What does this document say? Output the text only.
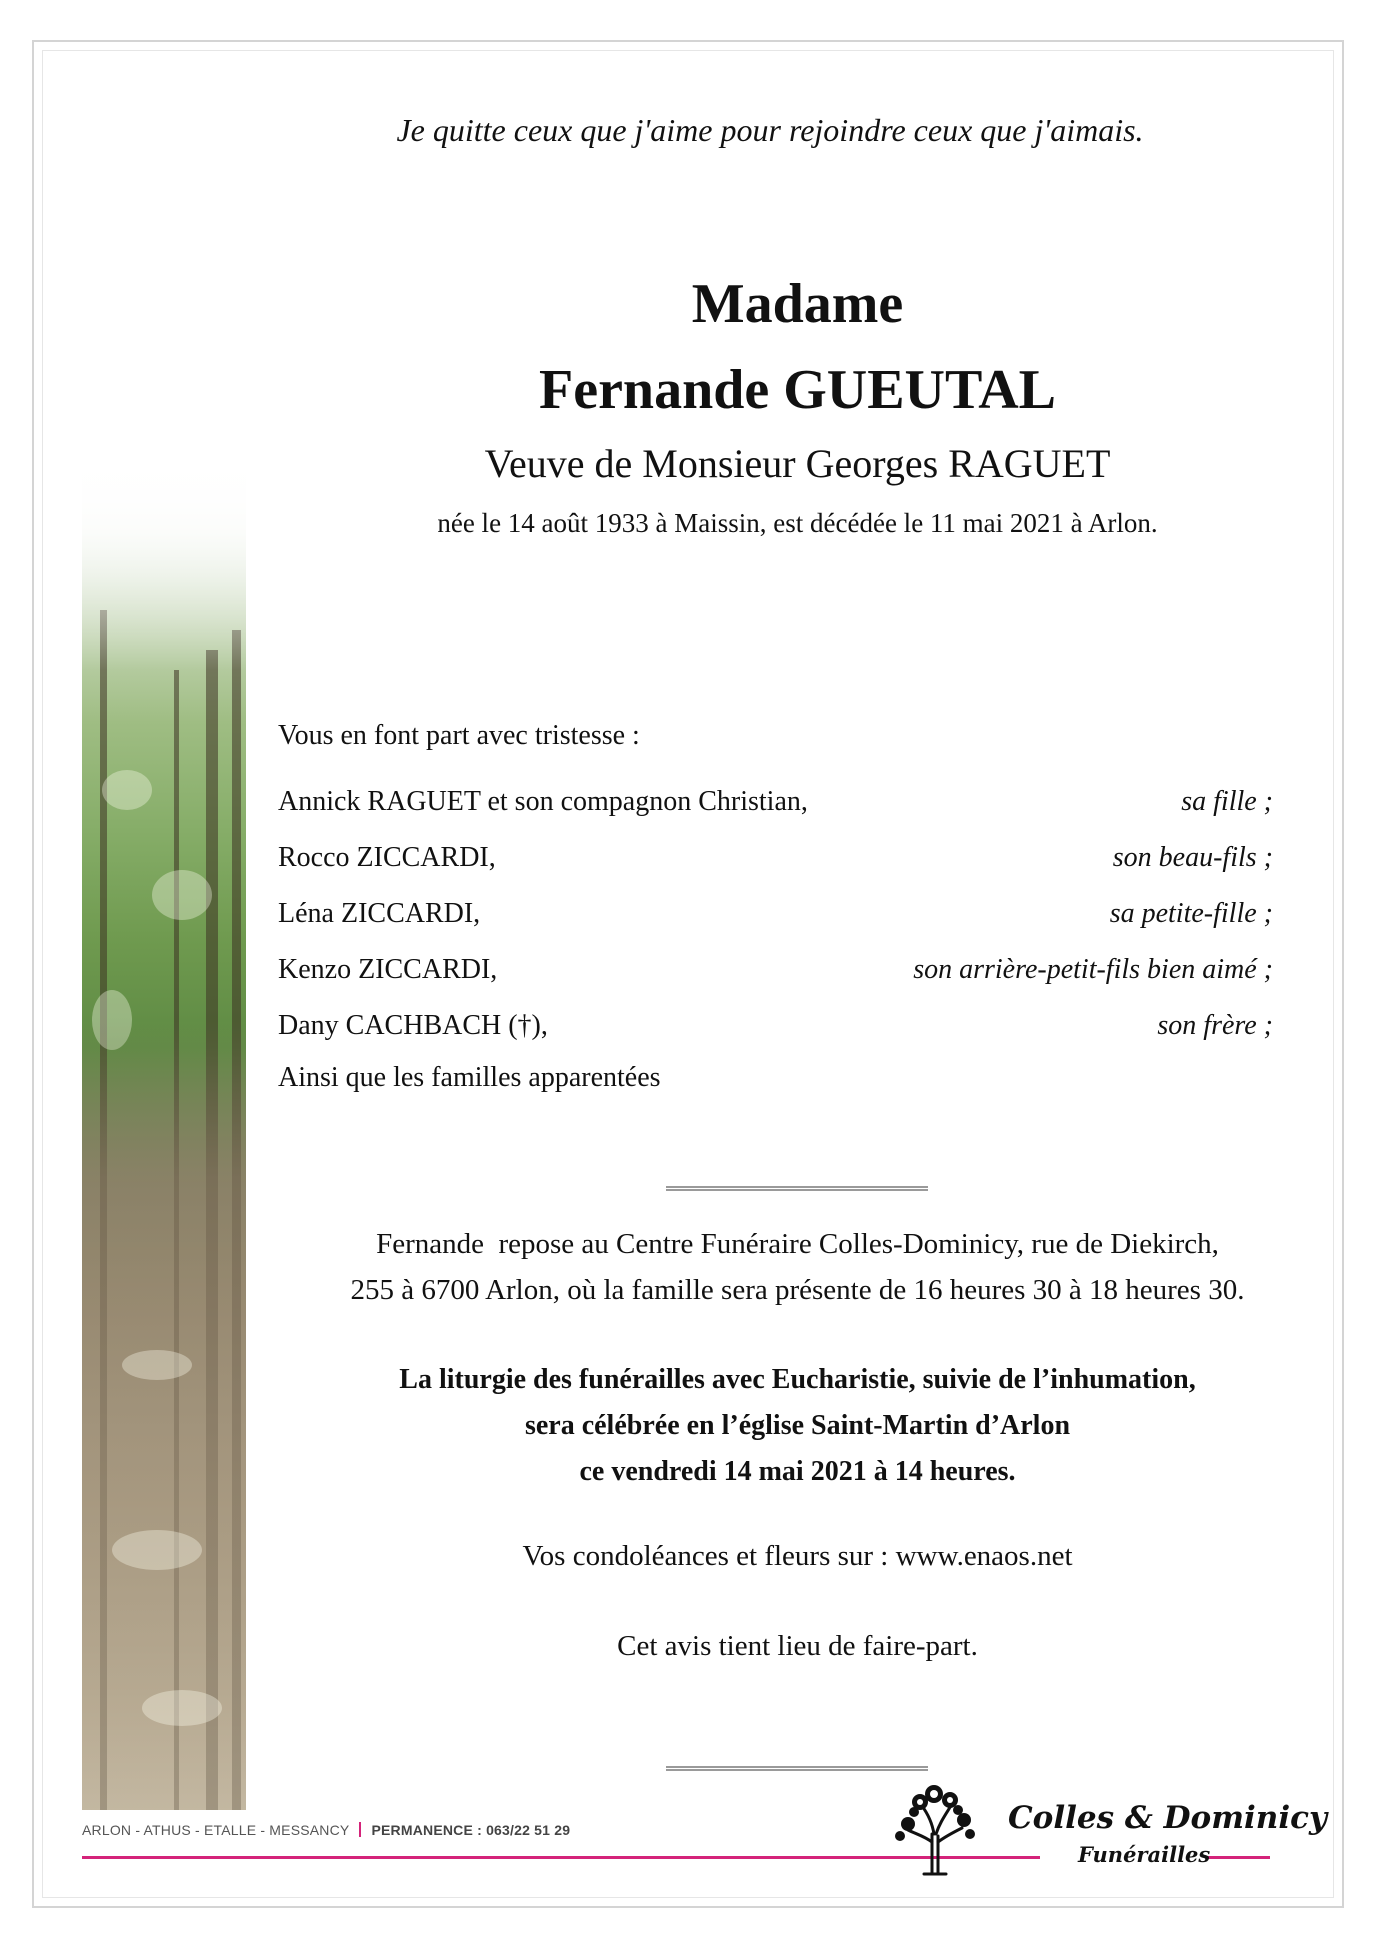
Je quitte ceux que j'aime pour rejoindre ceux que j'aimais.
Madame
Fernande GUEUTAL
Veuve de Monsieur Georges RAGUET
née le 14 août 1933 à Maissin, est décédée le 11 mai 2021 à Arlon.
Vous en font part avec tristesse :
Annick RAGUET et son compagnon Christian,	sa fille ;
Rocco ZICCARDI,	son beau-fils ;
Léna ZICCARDI,	sa petite-fille ;
Kenzo ZICCARDI,	son arrière-petit-fils bien aimé ;
Dany CACHBACH (†),	son frère ;
Ainsi que les familles apparentées
Fernande  repose au Centre Funéraire Colles-Dominicy, rue de Diekirch,
255 à 6700 Arlon, où la famille sera présente de 16 heures 30 à 18 heures 30.
La liturgie des funérailles avec Eucharistie, suivie de l’inhumation,
sera célébrée en l’église Saint-Martin d’Arlon
ce vendredi 14 mai 2021 à 14 heures.
Vos condoléances et fleurs sur : www.enaos.net
Cet avis tient lieu de faire-part.
ARLON - ATHUS - ETALLE - MESSANCY PERMANENCE : 063/22 51 29	Colles & Dominicy
Funérailles
